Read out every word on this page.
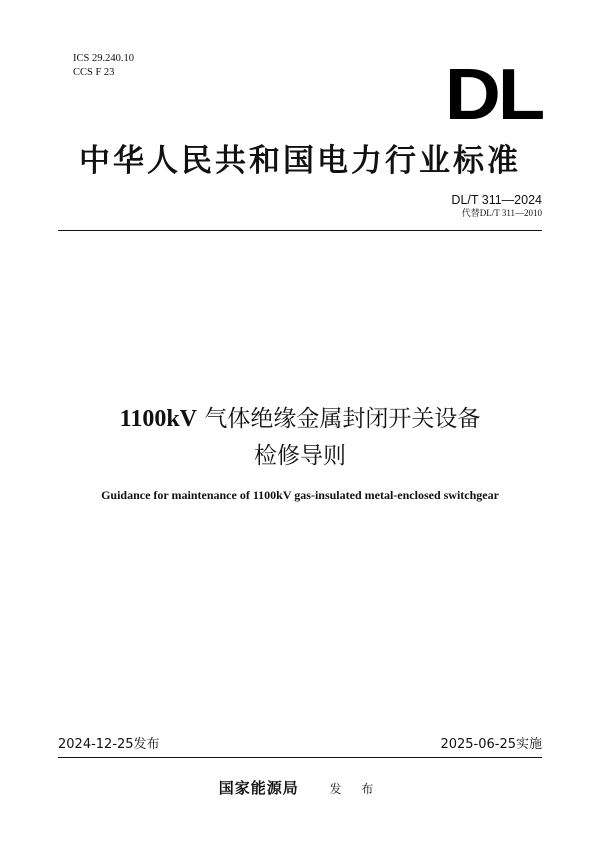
ICS 29.240.10
CCS F 23	DL
中华人民共和国电力行业标准
DL/T 311—2024
代替DL/T 311—2010
1100kV 气体绝缘金属封闭开关设备
检修导则
Guidance for maintenance of 1100kV gas-insulated metal-enclosed switchgear
2024-12-25发布	2025-06-25实施
国家能源局	发 布
